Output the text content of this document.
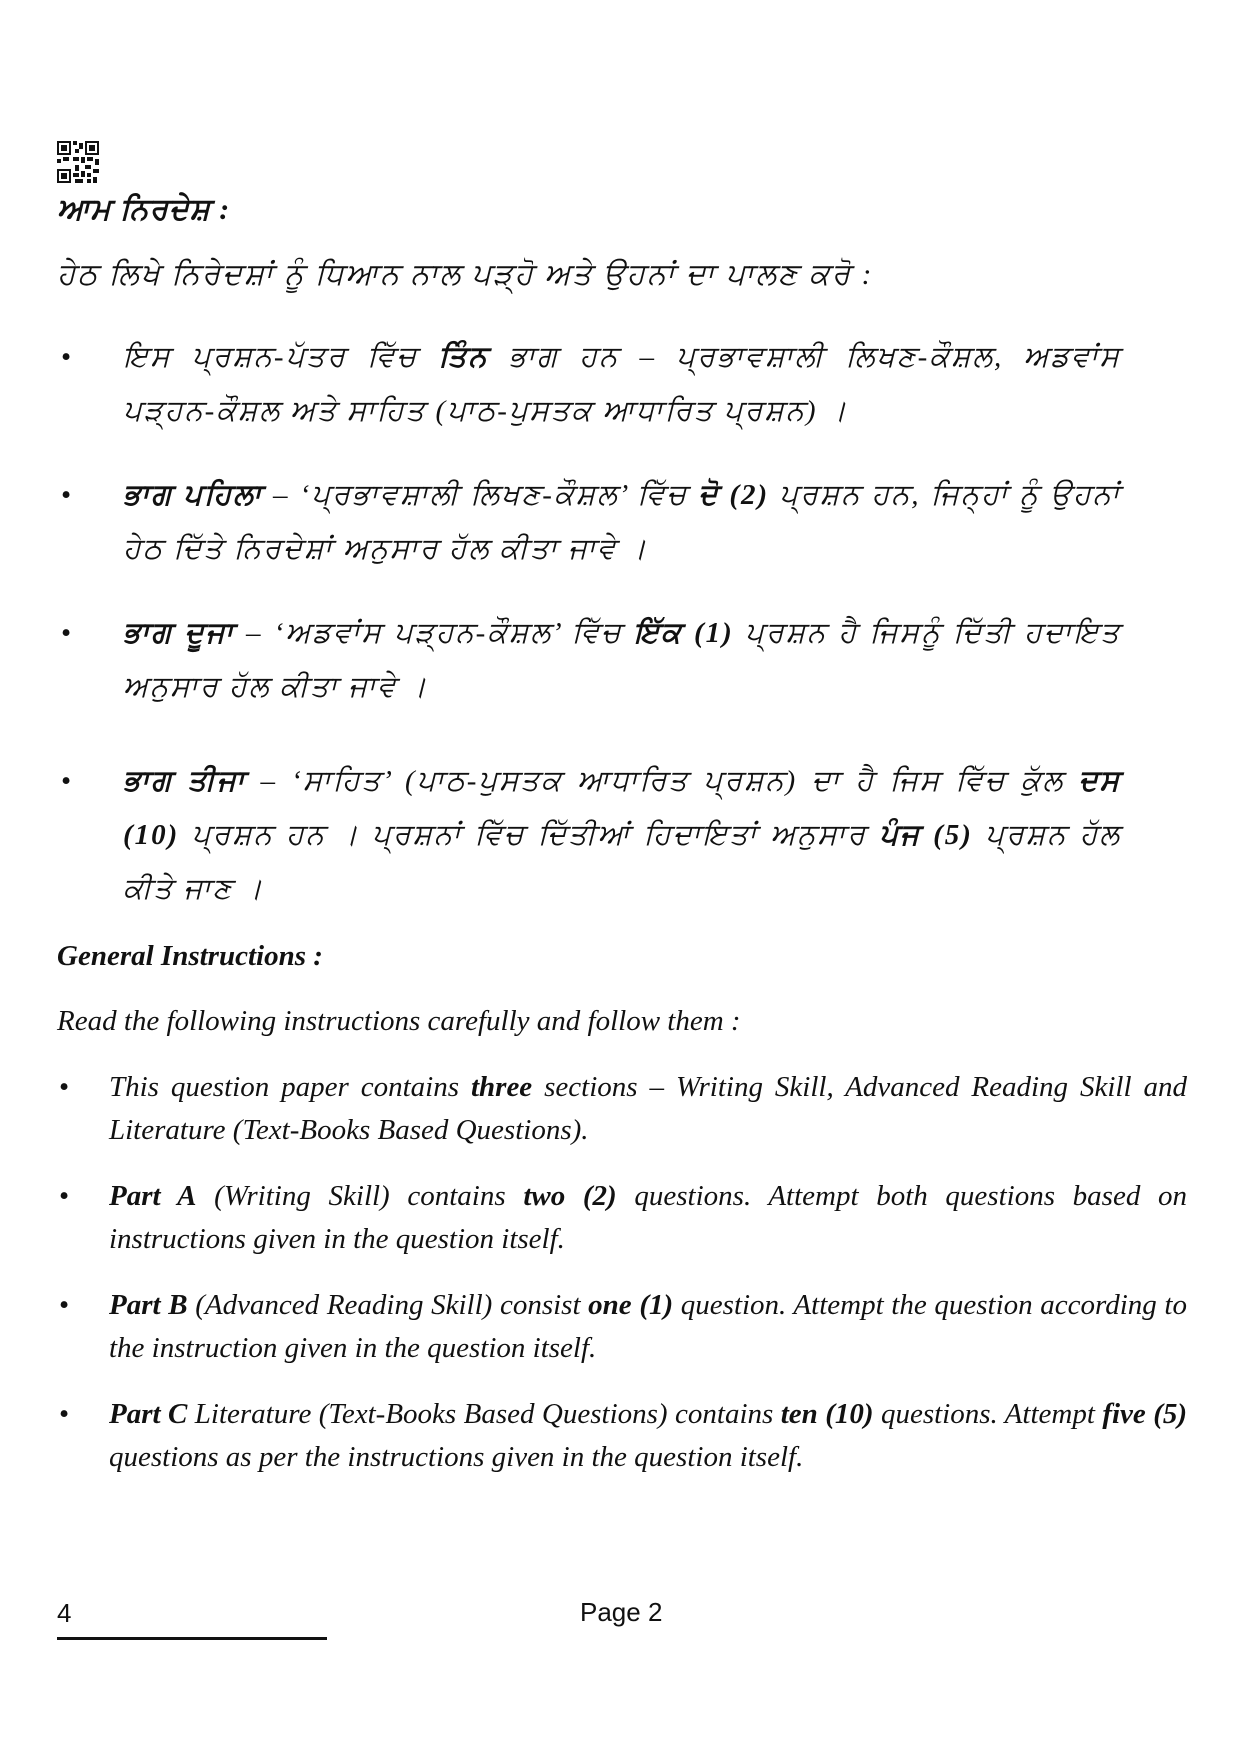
ਆਮ ਨਿਰਦੇਸ਼ :
ਹੇਠ ਲਿਖੇ ਨਿਰੇਦਸ਼ਾਂ ਨੂੰ ਧਿਆਨ ਨਾਲ ਪੜ੍ਹੋ ਅਤੇ ਉਹਨਾਂ ਦਾ ਪਾਲਣ ਕਰੋ :
• ਇਸ ਪ੍ਰਸ਼ਨ-ਪੱਤਰ ਵਿੱਚ ਤਿੰਨ ਭਾਗ ਹਨ – ਪ੍ਰਭਾਵਸ਼ਾਲੀ ਲਿਖਣ-ਕੌਸ਼ਲ, ਅਡਵਾਂਸ ਪੜ੍ਹਨ-ਕੌਸ਼ਲ ਅਤੇ ਸਾਹਿਤ (ਪਾਠ-ਪੁਸਤਕ ਆਧਾਰਿਤ ਪ੍ਰਸ਼ਨ) ।
• ਭਾਗ ਪਹਿਲਾ – ‘ਪ੍ਰਭਾਵਸ਼ਾਲੀ ਲਿਖਣ-ਕੌਸ਼ਲ’ ਵਿੱਚ ਦੋ (2) ਪ੍ਰਸ਼ਨ ਹਨ, ਜਿਨ੍ਹਾਂ ਨੂੰ ਉਹਨਾਂ ਹੇਠ ਦਿੱਤੇ ਨਿਰਦੇਸ਼ਾਂ ਅਨੁਸਾਰ ਹੱਲ ਕੀਤਾ ਜਾਵੇ ।
• ਭਾਗ ਦੂਜਾ – ‘ਅਡਵਾਂਸ ਪੜ੍ਹਨ-ਕੌਸ਼ਲ’ ਵਿੱਚ ਇੱਕ (1) ਪ੍ਰਸ਼ਨ ਹੈ ਜਿਸਨੂੰ ਦਿੱਤੀ ਹਦਾਇਤ ਅਨੁਸਾਰ ਹੱਲ ਕੀਤਾ ਜਾਵੇ ।
• ਭਾਗ ਤੀਜਾ – ‘ਸਾਹਿਤ’ (ਪਾਠ-ਪੁਸਤਕ ਆਧਾਰਿਤ ਪ੍ਰਸ਼ਨ) ਦਾ ਹੈ ਜਿਸ ਵਿੱਚ ਕੁੱਲ ਦਸ (10) ਪ੍ਰਸ਼ਨ ਹਨ । ਪ੍ਰਸ਼ਨਾਂ ਵਿੱਚ ਦਿੱਤੀਆਂ ਹਿਦਾਇਤਾਂ ਅਨੁਸਾਰ ਪੰਜ (5) ਪ੍ਰਸ਼ਨ ਹੱਲ ਕੀਤੇ ਜਾਣ ।
General Instructions :
Read the following instructions carefully and follow them :
• This question paper contains three sections – Writing Skill, Advanced Reading Skill and Literature (Text-Books Based Questions).
• Part A (Writing Skill) contains two (2) questions. Attempt both questions based on instructions given in the question itself.
• Part B (Advanced Reading Skill) consist one (1) question. Attempt the question according to the instruction given in the question itself.
• Part C Literature (Text-Books Based Questions) contains ten (10) questions. Attempt five (5) questions as per the instructions given in the question itself.
4	Page 2
